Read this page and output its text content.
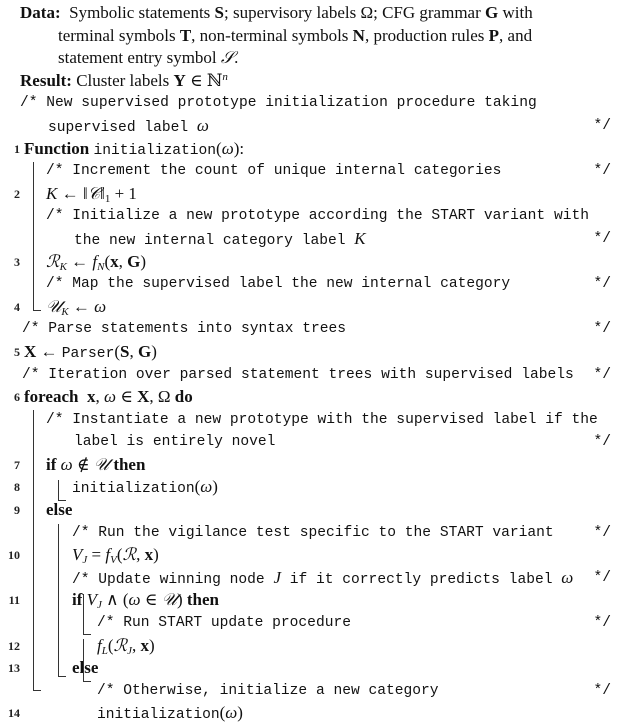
Data:  Symbolic statements S; supervisory labels Ω; CFG grammar G with
terminal symbols T, non-terminal symbols N, production rules P, and
statement entry symbol 𝒮.
Result: Cluster labels Y ∈ ℕ$^n$
/* New supervised prototype initialization procedure taking
supervised label ω	*/
1 Function initialization(ω):
/* Increment the count of unique internal categories	*/
2 K ← $‖𝒞‖_1 + 1$
/* Initialize a new prototype according the START variant with
the new internal category label K	*/
3 ℛ$_K$ ← $f_N(x$, G)
/* Map the supervised label the new internal category	*/
4 𝒰$_K$ ← ω
/* Parse statements into syntax trees	*/
5 X ← Parser(S, G)
/* Iteration over parsed statement trees with supervised labels */
6 foreach x, ω ∈ X, Ω do
/* Instantiate a new prototype with the supervised label if the
label is entirely novel	*/
7 if ω ∉ 𝒰 then
8	initialization(ω)
9 else
/* Run the vigilance test specific to the START variant	*/
10	$V_J$ = $f_V(ℛ$, x)
/* Update winning node J if it correctly predicts label ω */
11	if $V_J$ ∧ (ω ∈ 𝒰) then
/* Run START update procedure	*/
12	$f_L(ℛ_J$, x)
13	else
/* Otherwise, initialize a new category	*/
14	initialization(ω)
